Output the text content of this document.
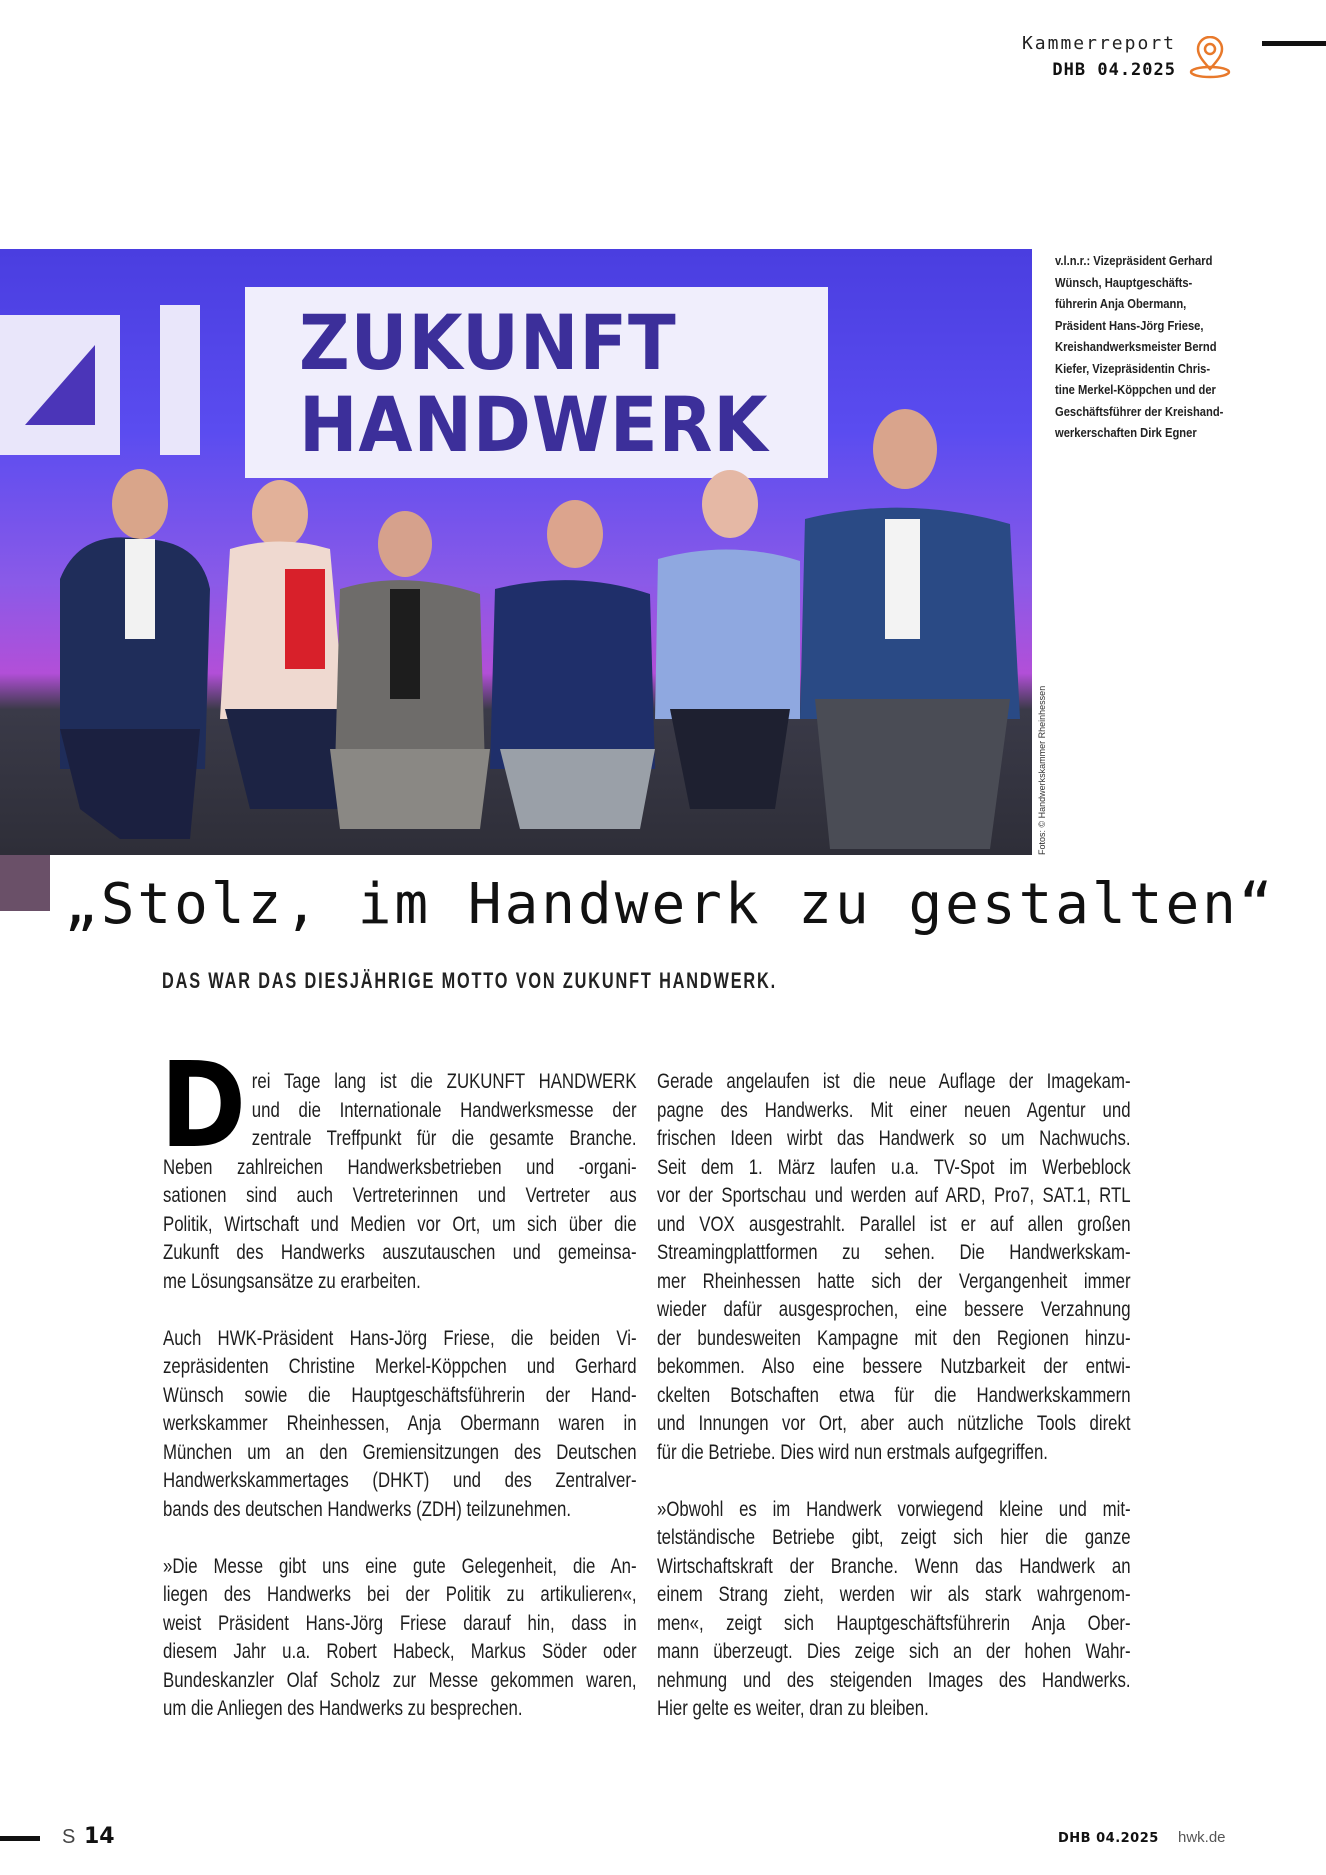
Kammerreport
DHB 04.2025
ZUKUNFT
HANDWERK
Fotos: © Handwerkskammer Rheinhessen
v.l.n.r.: Vizepräsident Gerhard
Wünsch, Hauptgeschäfts-
führerin Anja Obermann,
Präsident Hans-Jörg Friese,
Kreishandwerksmeister Bernd
Kiefer, Vizepräsidentin Chris-
tine Merkel-Köppchen und der
Geschäftsführer der Kreishand-
werkerschaften Dirk Egner
„Stolz, im Handwerk zu gestalten“
DAS WAR DAS DIESJÄHRIGE MOTTO VON ZUKUNFT HANDWERK.
D rei Tage lang ist die ZUKUNFT HANDWERK
und die Internationale Handwerksmesse der
zentrale Treffpunkt für die gesamte Branche.
Neben zahlreichen Handwerksbetrieben und -organi-
sationen sind auch Vertreterinnen und Vertreter aus
Politik, Wirtschaft und Medien vor Ort, um sich über die
Zukunft des Handwerks auszutauschen und gemeinsa-
me Lösungsansätze zu erarbeiten.
Auch HWK-Präsident Hans-Jörg Friese, die beiden Vi-
zepräsidenten Christine Merkel-Köppchen und Gerhard
Wünsch sowie die Hauptgeschäftsführerin der Hand-
werkskammer Rheinhessen, Anja Obermann waren in
München um an den Gremiensitzungen des Deutschen
Handwerkskammertages (DHKT) und des Zentralver-
bands des deutschen Handwerks (ZDH) teilzunehmen.
»Die Messe gibt uns eine gute Gelegenheit, die An-
liegen des Handwerks bei der Politik zu artikulieren«,
weist Präsident Hans-Jörg Friese darauf hin, dass in
diesem Jahr u.a. Robert Habeck, Markus Söder oder
Bundeskanzler Olaf Scholz zur Messe gekommen waren,
um die Anliegen des Handwerks zu besprechen.
Gerade angelaufen ist die neue Auflage der Imagekam-
pagne des Handwerks. Mit einer neuen Agentur und
frischen Ideen wirbt das Handwerk so um Nachwuchs.
Seit dem 1. März laufen u.a. TV-Spot im Werbeblock
vor der Sportschau und werden auf ARD, Pro7, SAT.1, RTL
und VOX ausgestrahlt. Parallel ist er auf allen großen
Streamingplattformen zu sehen. Die Handwerkskam-
mer Rheinhessen hatte sich der Vergangenheit immer
wieder dafür ausgesprochen, eine bessere Verzahnung
der bundesweiten Kampagne mit den Regionen hinzu-
bekommen. Also eine bessere Nutzbarkeit der entwi-
ckelten Botschaften etwa für die Handwerkskammern
und Innungen vor Ort, aber auch nützliche Tools direkt
für die Betriebe. Dies wird nun erstmals aufgegriffen.
»Obwohl es im Handwerk vorwiegend kleine und mit-
telständische Betriebe gibt, zeigt sich hier die ganze
Wirtschaftskraft der Branche. Wenn das Handwerk an
einem Strang zieht, werden wir als stark wahrgenom-
men«, zeigt sich Hauptgeschäftsführerin Anja Ober-
mann überzeugt. Dies zeige sich an der hohen Wahr-
nehmung und des steigenden Images des Handwerks.
Hier gelte es weiter, dran zu bleiben.
S 14	DHB 04.2025 hwk.de
